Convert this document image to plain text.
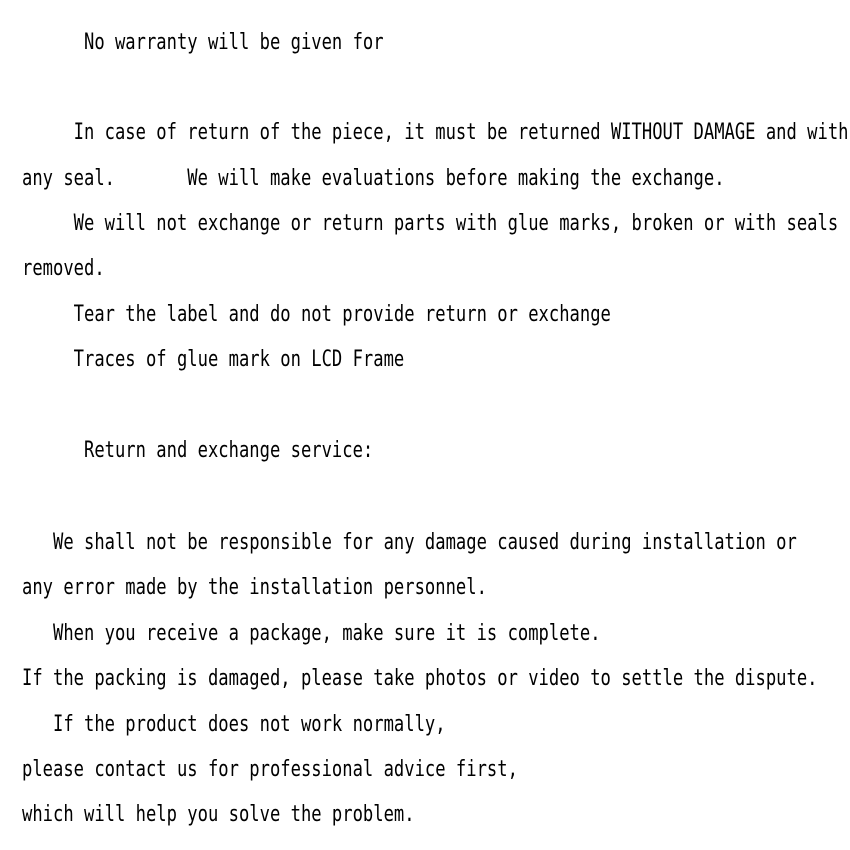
No warranty will be given for
In case of return of the piece, it must be returned WITHOUT DAMAGE and with
any seal.       We will make evaluations before making the exchange.
We will not exchange or return parts with glue marks, broken or with seals
removed.
Tear the label and do not provide return or exchange
Traces of glue mark on LCD Frame
Return and exchange service:
We shall not be responsible for any damage caused during installation or
any error made by the installation personnel.
When you receive a package, make sure it is complete.
If the packing is damaged, please take photos or video to settle the dispute.
If the product does not work normally,
please contact us for professional advice first,
which will help you solve the problem.
